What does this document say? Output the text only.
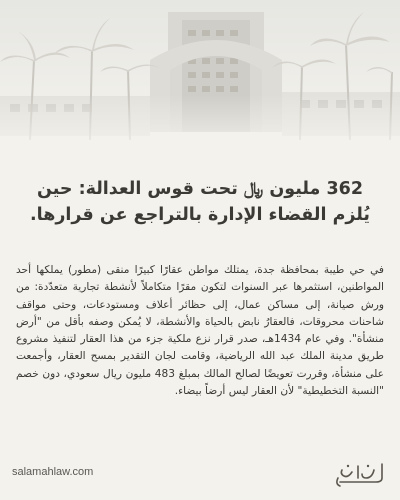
362 مليون ﷼ تحت قوس العدالة: حين
يُلزم القضاء الإدارة بالتراجع عن قرارها.

في حي طيبة بمحافظة جدة، يمتلك مواطن عقارًا كبيرًا منقى (مطور) يملكها أحد المواطنين، استثمرها عبر السنوات لتكون مقرًا متكاملاً لأنشطة تجارية متعدّدة: من ورش صيانة، إلى مساكن عمال، إلى حظائر أعلاف ومستودعات، وحتى مواقف شاحنات محروقات، فالعقارُ نابض بالحياة والأنشطة، لا يُمكن وصفه بأقل من "أرض منشأة". وفي عام 1434هـ، صدر قرار نزع ملكية جزء من هذا العقار لتنفيذ مشروع طريق مدينة الملك عبد الله الرياضية، وقامت لجان التقدير بمسح العقار، وأجمعت على منشأة، وقررت تعويضًا لصالح المالك بمبلغ 483 مليون ريال سعودي، دون خصم "النسبة التخطيطية" لأن العقار ليس أرضاً بيضاء.

salamahlaw.com
